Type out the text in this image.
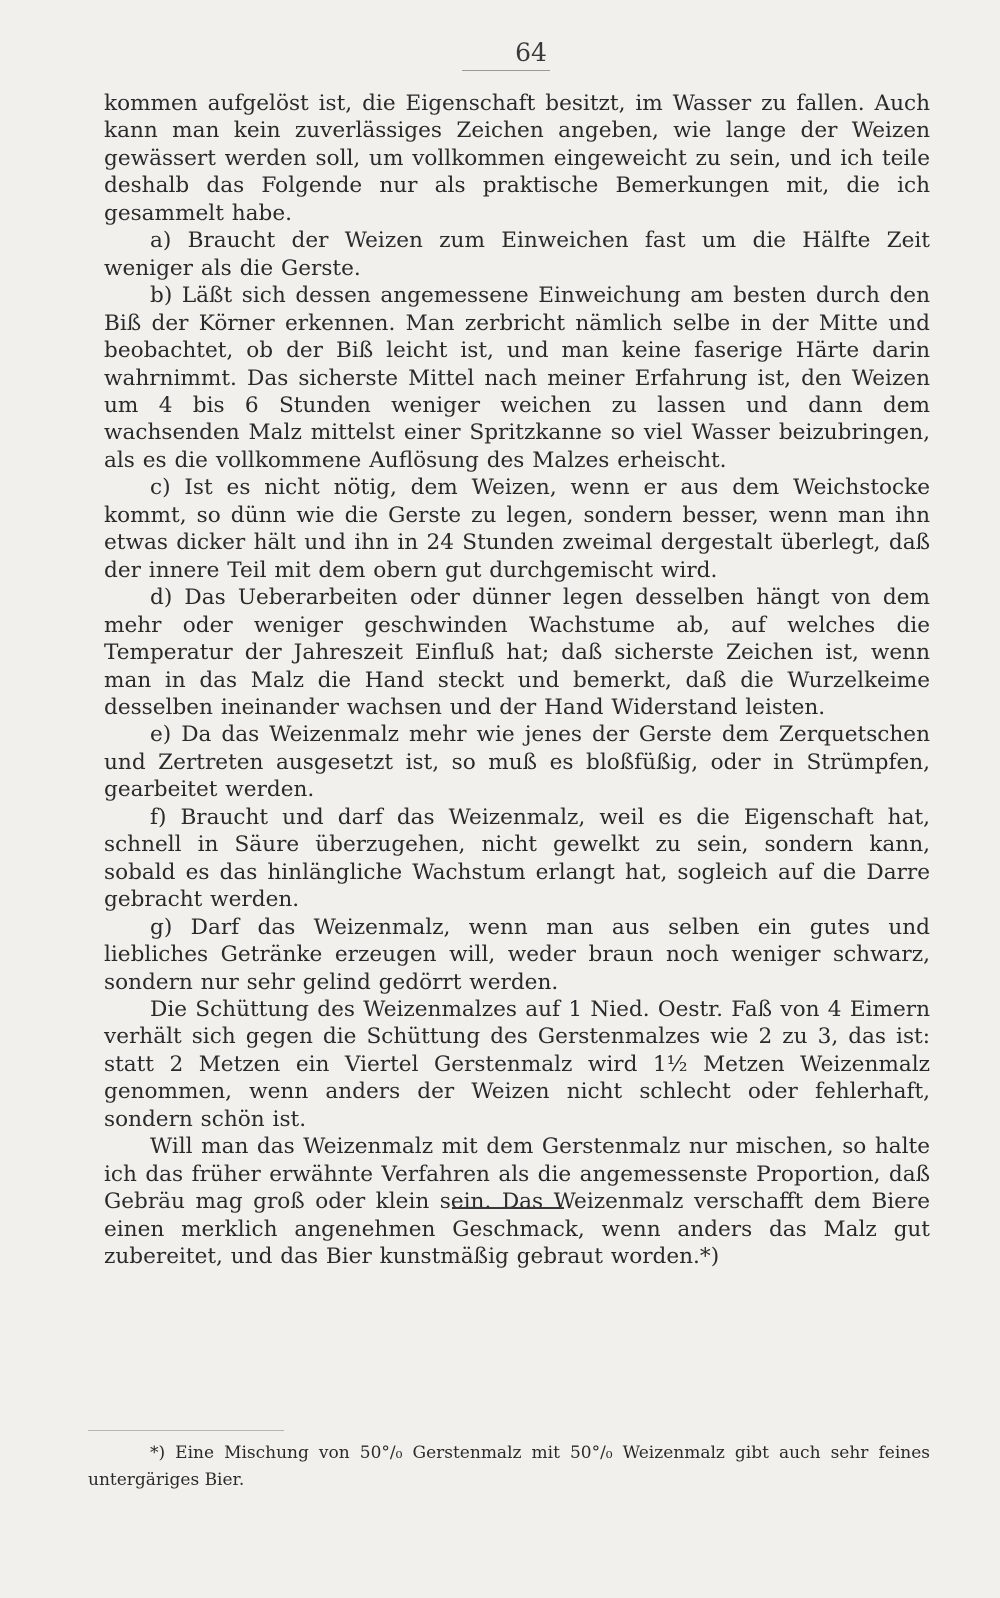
64

kommen aufgelöst ist, die Eigenschaft besitzt, im Wasser zu fallen. Auch kann man kein zuverlässiges Zeichen angeben, wie lange der Weizen gewässert werden soll, um vollkommen eingeweicht zu sein, und ich teile deshalb das Folgende nur als praktische Bemerkungen mit, die ich gesammelt habe.

a) Braucht der Weizen zum Einweichen fast um die Hälfte Zeit weniger als die Gerste.

b) Läßt sich dessen angemessene Einweichung am besten durch den Biß der Körner erkennen. Man zerbricht nämlich selbe in der Mitte und beobachtet, ob der Biß leicht ist, und man keine faserige Härte darin wahrnimmt. Das sicherste Mittel nach meiner Erfahrung ist, den Weizen um 4 bis 6 Stunden weniger weichen zu lassen und dann dem wachsenden Malz mittelst einer Spritzkanne so viel Wasser beizubringen, als es die vollkommene Auflösung des Malzes erheischt.

c) Ist es nicht nötig, dem Weizen, wenn er aus dem Weichstocke kommt, so dünn wie die Gerste zu legen, sondern besser, wenn man ihn etwas dicker hält und ihn in 24 Stunden zweimal dergestalt überlegt, daß der innere Teil mit dem obern gut durchgemischt wird.

d) Das Ueberarbeiten oder dünner legen desselben hängt von dem mehr oder weniger geschwinden Wachstume ab, auf welches die Temperatur der Jahreszeit Einfluß hat; daß sicherste Zeichen ist, wenn man in das Malz die Hand steckt und bemerkt, daß die Wurzelkeime desselben ineinander wachsen und der Hand Widerstand leisten.

e) Da das Weizenmalz mehr wie jenes der Gerste dem Zerquetschen und Zertreten ausgesetzt ist, so muß es bloßfüßig, oder in Strümpfen, gearbeitet werden.

f) Braucht und darf das Weizenmalz, weil es die Eigenschaft hat, schnell in Säure überzugehen, nicht gewelkt zu sein, sondern kann, sobald es das hinlängliche Wachstum erlangt hat, sogleich auf die Darre gebracht werden.

g) Darf das Weizenmalz, wenn man aus selben ein gutes und liebliches Getränke erzeugen will, weder braun noch weniger schwarz, sondern nur sehr gelind gedörrt werden.

Die Schüttung des Weizenmalzes auf 1 Nied. Oestr. Faß von 4 Eimern verhält sich gegen die Schüttung des Gerstenmalzes wie 2 zu 3, das ist: statt 2 Metzen ein Viertel Gerstenmalz wird 1½ Metzen Weizenmalz genommen, wenn anders der Weizen nicht schlecht oder fehlerhaft, sondern schön ist.

Will man das Weizenmalz mit dem Gerstenmalz nur mischen, so halte ich das früher erwähnte Verfahren als die angemessenste Proportion, daß Gebräu mag groß oder klein sein. Das Weizenmalz verschafft dem Biere einen merklich angenehmen Geschmack, wenn anders das Malz gut zubereitet, und das Bier kunstmäßig gebraut worden.*)

*) Eine Mischung von 50°/₀ Gerstenmalz mit 50°/₀ Weizenmalz gibt auch sehr feines untergäriges Bier.
